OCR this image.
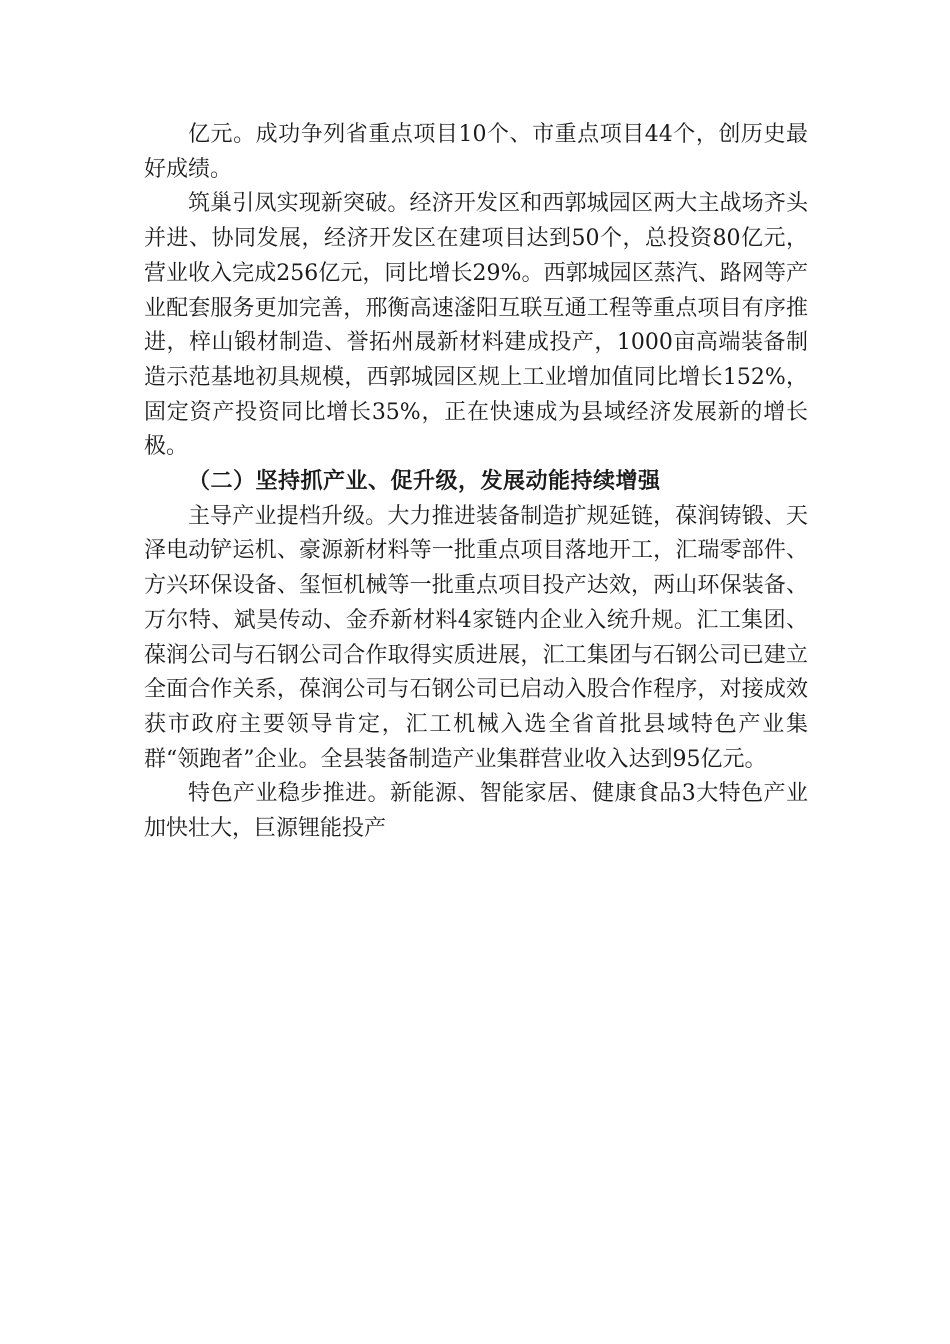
亿元。成功争列省重点项目10个、市重点项目44个，创历史最好成绩。

筑巢引凤实现新突破。经济开发区和西郭城园区两大主战场齐头并进、协同发展，经济开发区在建项目达到50个，总投资80亿元，营业收入完成256亿元，同比增长29%。西郭城园区蒸汽、路网等产业配套服务更加完善，邢衡高速滏阳互联互通工程等重点项目有序推进，梓山锻材制造、誉拓州晟新材料建成投产，1000亩高端装备制造示范基地初具规模，西郭城园区规上工业增加值同比增长152%，固定资产投资同比增长35%，正在快速成为县域经济发展新的增长极。

（二）坚持抓产业、促升级，发展动能持续增强

主导产业提档升级。大力推进装备制造扩规延链，葆润铸锻、天泽电动铲运机、豪源新材料等一批重点项目落地开工，汇瑞零部件、方兴环保设备、玺恒机械等一批重点项目投产达效，两山环保装备、万尔特、斌昊传动、金乔新材料4家链内企业入统升规。汇工集团、葆润公司与石钢公司合作取得实质进展，汇工集团与石钢公司已建立全面合作关系，葆润公司与石钢公司已启动入股合作程序，对接成效获市政府主要领导肯定，汇工机械入选全省首批县域特色产业集群“领跑者”企业。全县装备制造产业集群营业收入达到95亿元。

特色产业稳步推进。新能源、智能家居、健康食品3大特色产业加快壮大，巨源锂能投产
